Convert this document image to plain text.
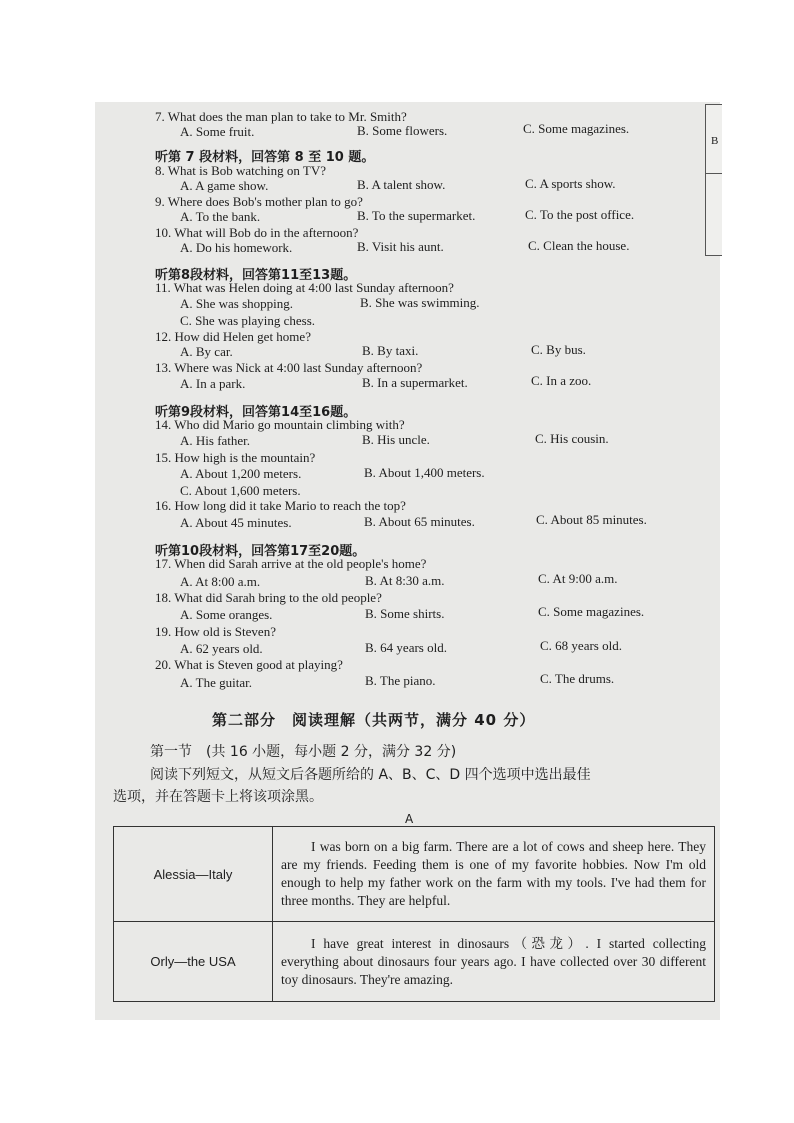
B
7. What does the man plan to take to Mr. Smith?
A. Some fruit.	B. Some flowers.	C. Some magazines.
听第 7 段材料，回答第 8 至 10 题。
8. What is Bob watching on TV?
A. A game show.	B. A talent show.	C. A sports show.
9. Where does Bob's mother plan to go?
A. To the bank.	B. To the supermarket.	C. To the post office.
10. What will Bob do in the afternoon?
A. Do his homework.	B. Visit his aunt.	C. Clean the house.
听第8段材料，回答第11至13题。
11. What was Helen doing at 4:00 last Sunday afternoon?
A. She was shopping.	B. She was swimming.
C. She was playing chess.
12. How did Helen get home?
A. By car.	B. By taxi.	C. By bus.
13. Where was Nick at 4:00 last Sunday afternoon?
A. In a park.	B. In a supermarket.	C. In a zoo.
听第9段材料，回答第14至16题。
14. Who did Mario go mountain climbing with?
A. His father.	B. His uncle.	C. His cousin.
15. How high is the mountain?
A. About 1,200 meters.	B. About 1,400 meters.
C. About 1,600 meters.
16. How long did it take Mario to reach the top?
A. About 45 minutes.	B. About 65 minutes.	C. About 85 minutes.
听第10段材料，回答第17至20题。
17. When did Sarah arrive at the old people's home?
A. At 8:00 a.m.	B. At 8:30 a.m.	C. At 9:00 a.m.
18. What did Sarah bring to the old people?
A. Some oranges.	B. Some shirts.	C. Some magazines.
19. How old is Steven?
A. 62 years old.	B. 64 years old.	C. 68 years old.
20. What is Steven good at playing?
A. The guitar.	B. The piano.	C. The drums.
第二部分　阅读理解（共两节，满分 40 分）
第一节　(共 16 小题，每小题 2 分，满分 32 分)
阅读下列短文，从短文后各题所给的 A、B、C、D 四个选项中选出最佳
选项，并在答题卡上将该项涂黑。
A
Alessia—Italy	I was born on a big farm. There are a lot of cows and sheep here. They are my friends. Feeding them is one of my favorite hobbies. Now I'm old enough to help my father work on the farm with my tools. I've had them for three months. They are helpful.
Orly—the USA	I have great interest in dinosaurs（恐龙）. I started collecting everything about dinosaurs four years ago. I have collected over 30 different toy dinosaurs. They're amazing.
